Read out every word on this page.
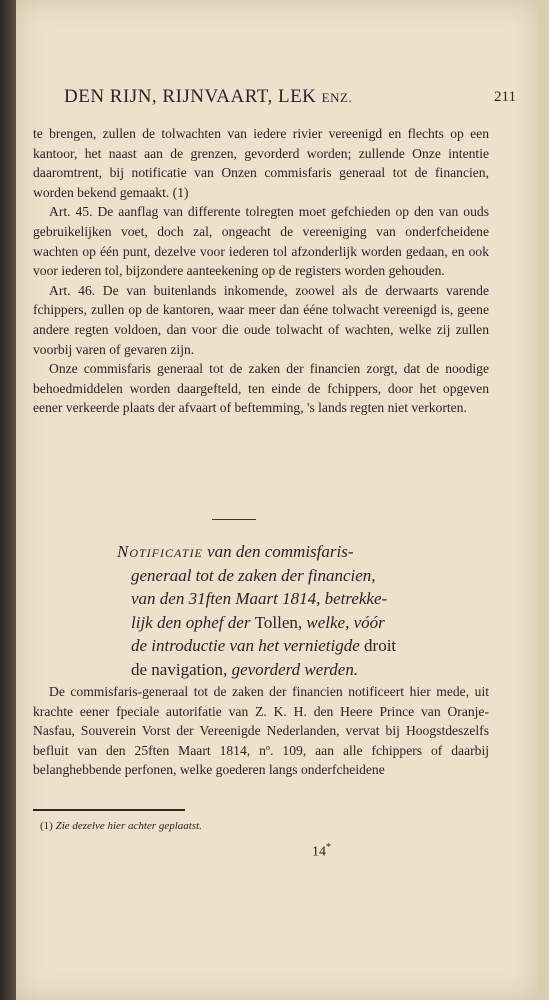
DEN RIJN, RIJNVAART, LEK ENZ.	211

te brengen, zullen de tolwachten van iedere rivier vereenigd en flechts op een kantoor, het naast aan de grenzen, gevorderd worden; zullende Onze intentie daaromtrent, bij notificatie van Onzen commisfaris generaal tot de financien, worden bekend gemaakt. (1)

Art. 45. De aanflag van differente tolregten moet gefchieden op den van ouds gebruikelijken voet, doch zal, ongeacht de vereeniging van onderfcheidene wachten op één punt, dezelve voor iederen tol afzonderlijk worden gedaan, en ook voor iederen tol, bijzondere aanteekening op de registers worden gehouden.

Art. 46. De van buitenlands inkomende, zoowel als de derwaarts varende fchippers, zullen op de kantoren, waar meer dan ééne tolwacht vereenigd is, geene andere regten voldoen, dan voor die oude tolwacht of wachten, welke zij zullen voorbij varen of gevaren zijn.

Onze commisfaris generaal tot de zaken der financien zorgt, dat de noodige behoedmiddelen worden daargefteld, ten einde de fchippers, door het opgeven eener verkeerde plaats der afvaart of beftemming, 's lands regten niet verkorten.

Notificatie van den commisfaris-
generaal tot de zaken der financien,
van den 31ften Maart 1814, betrekke-
lijk den ophef der Tollen, welke, vóór
de introductie van het vernietigde droit
de navigation, gevorderd werden.

De commisfaris-generaal tot de zaken der financien notificeert hier mede, uit krachte eener fpeciale autorifatie van Z. K. H. den Heere Prince van Oranje-Nasfau, Souverein Vorst der Vereenigde Nederlanden, vervat bij Hoogstdeszelfs befluit van den 25ften Maart 1814, nº. 109, aan alle fchippers of daarbij belanghebbende perfonen, welke goederen langs onderfcheidene

(1) Zie dezelve hier achter geplaatst.
14*
